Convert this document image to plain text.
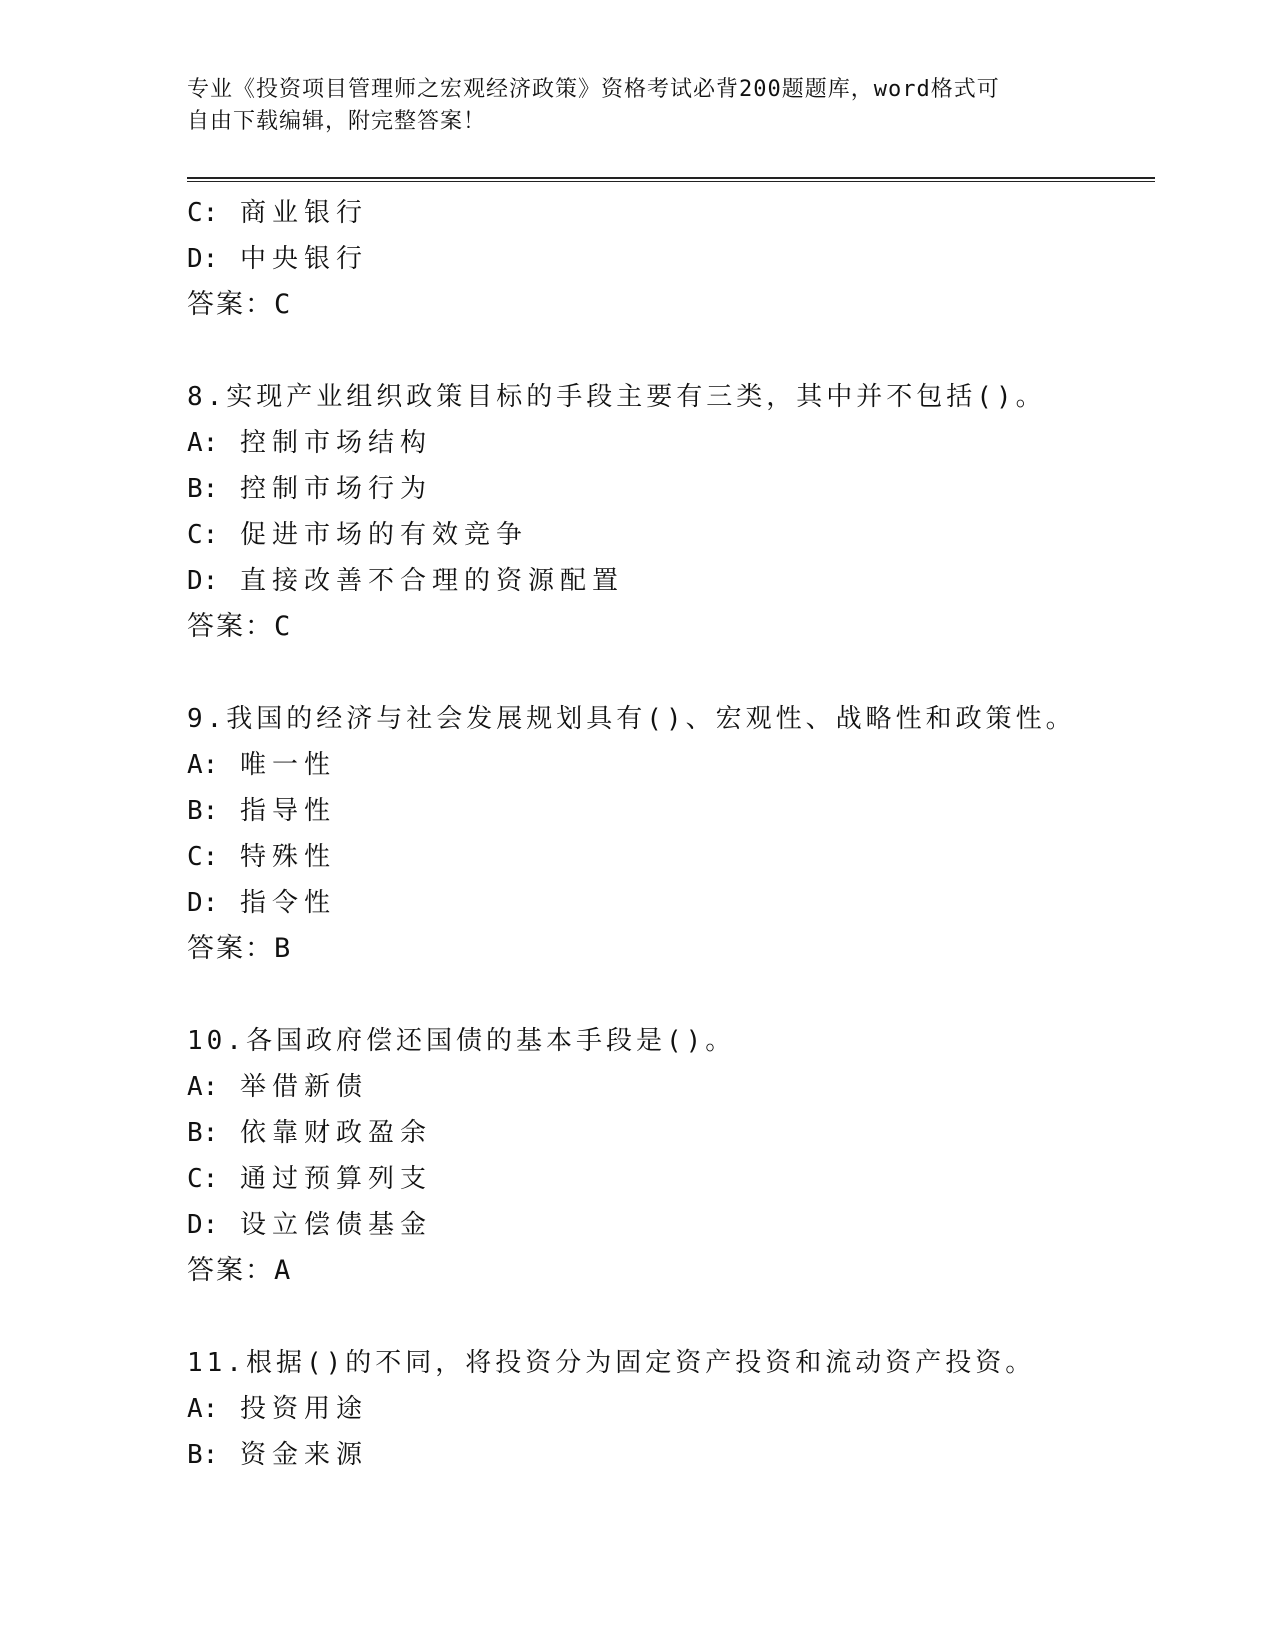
专业《投资项目管理师之宏观经济政策》资格考试必背200题题库，word格式可
自由下载编辑，附完整答案！
C: 商业银行
D: 中央银行
答案：C
8.实现产业组织政策目标的手段主要有三类，其中并不包括()。
A: 控制市场结构
B: 控制市场行为
C: 促进市场的有效竞争
D: 直接改善不合理的资源配置
答案：C
9.我国的经济与社会发展规划具有()、宏观性、战略性和政策性。
A: 唯一性
B: 指导性
C: 特殊性
D: 指令性
答案：B
10.各国政府偿还国债的基本手段是()。
A: 举借新债
B: 依靠财政盈余
C: 通过预算列支
D: 设立偿债基金
答案：A
11.根据()的不同，将投资分为固定资产投资和流动资产投资。
A: 投资用途
B: 资金来源
